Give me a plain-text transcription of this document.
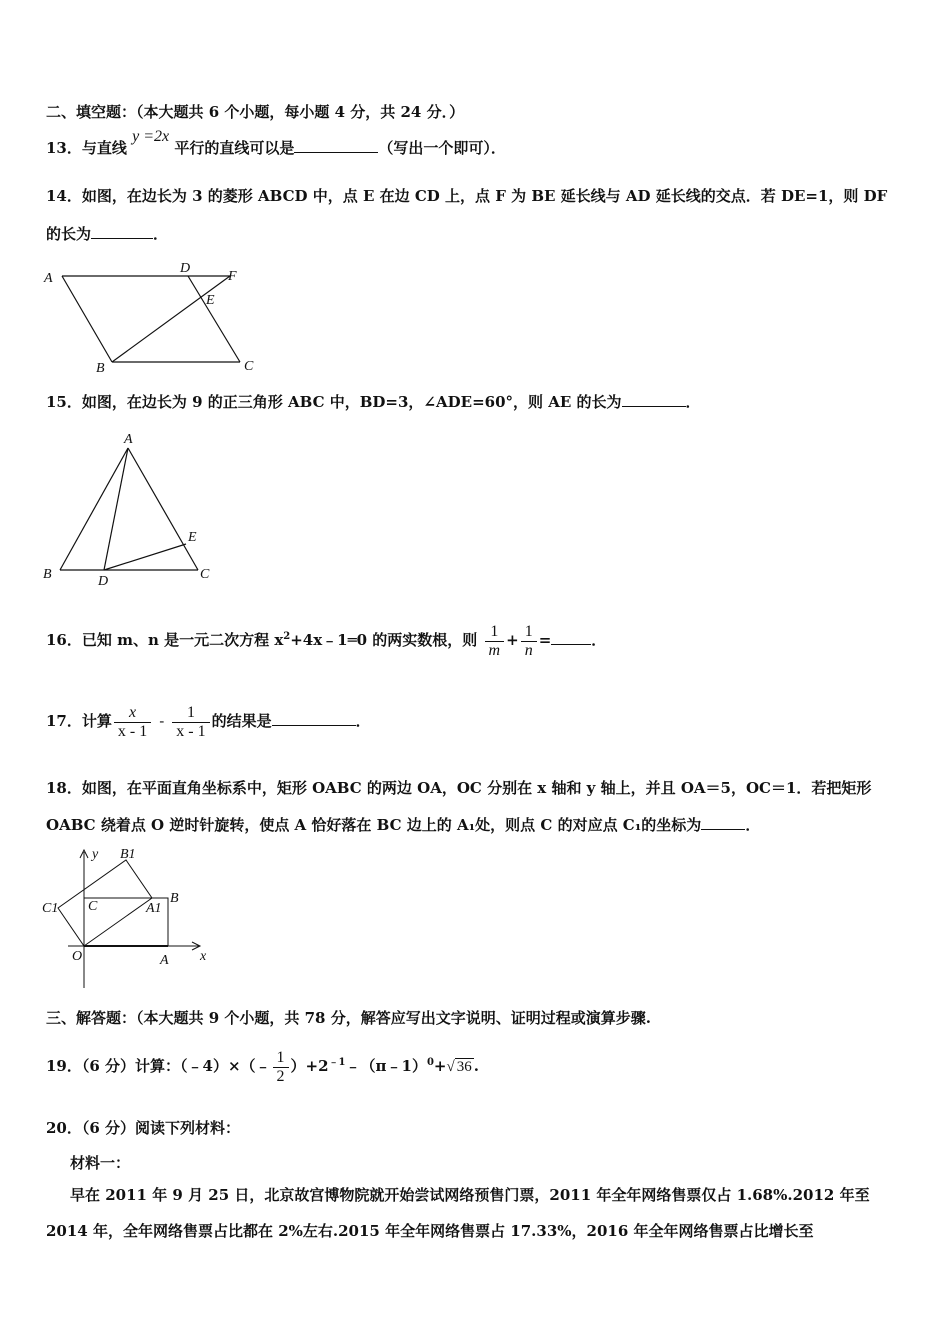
二、填空题：（本大题共 6 个小题，每小题 4 分，共 24 分．）
13．与直线 y =2x 平行的直线可以是	（写出一个即可）．
14．如图，在边长为 3 的菱形 ABCD 中，点 E 在边 CD 上，点 F 为 BE 延长线与 AD 延长线的交点．若 DE=1，则 DF
的长为	．
A
D
F
E
B	C
15．如图，在边长为 9 的正三角形 ABC 中，BD=3，∠ADE=60°，则 AE 的长为	．
A
B	D	C
E
16．已知 m、n 是一元二次方程 $x^2+4x﹣1═0$ 的两实数根，则 $\frac{1}{m} + \frac{1}{n}$ =	．
17．计算 $\frac{x}{x - 1} - \frac{1}{x - 1}$ 的结果是	．
18．如图，在平面直角坐标系中，矩形 OABC 的两边 OA，OC 分别在 x 轴和 y 轴上，并且 OA＝5，OC＝1．若把矩形
OABC 绕着点 O 逆时针旋转，使点 A 恰好落在 BC 边上的 A₁处，则点 C 的对应点 C₁的坐标为	．
y
x
O	A
B
C	A1
B1
C1
三、解答题：（本大题共 9 个小题，共 78 分，解答应写出文字说明、证明过程或演算步骤.
19．（6 分）计算：（﹣4）×（﹣ $\frac{1}{2}$ ）$+2^{﹣1}﹣(\pi﹣1)^0+√$ 36 .
20．（6 分）阅读下列材料：
材料一：
早在 2011 年 9 月 25 日，北京故宫博物院就开始尝试网络预售门票，2011 年全年网络售票仅占 1.68%.2012 年至
2014 年，全年网络售票占比都在 2%左右.2015 年全年网络售票占 17.33%，2016 年全年网络售票占比增长至
